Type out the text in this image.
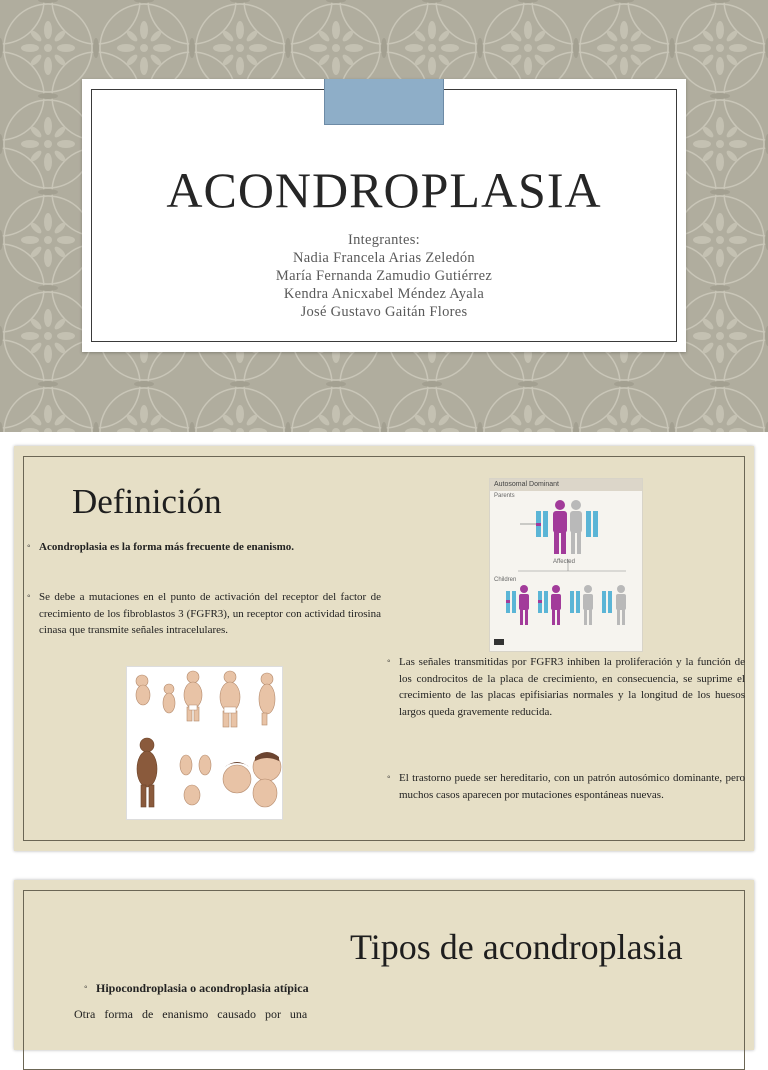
ACONDROPLASIA
Integrantes:
Nadia Francela Arias Zeledón
María Fernanda Zamudio Gutiérrez
Kendra Anicxabel Méndez Ayala
José Gustavo Gaitán Flores
Definición
◦ Acondroplasia es la forma más frecuente de enanismo.
◦ Se debe a mutaciones en el punto de activación del receptor del factor de crecimiento de los fibroblastos 3 (FGFR3), un receptor con actividad tirosina cinasa que transmite señales intracelulares.
◦ Las señales transmitidas por FGFR3 inhiben la proliferación y la función de los condrocitos de la placa de crecimiento, en consecuencia, se suprime el crecimiento de las placas epifisiarias normales y la longitud de los huesos largos queda gravemente reducida.
◦ El trastorno puede ser hereditario, con un patrón autosómico dominante, pero muchos casos aparecen por mutaciones espontáneas nuevas.
Autosomal Dominant
Parents
Children
Affected
Tipos de acondroplasia
◦ Hipocondroplasia o acondroplasia atípica
Otra forma de enanismo causado por una
